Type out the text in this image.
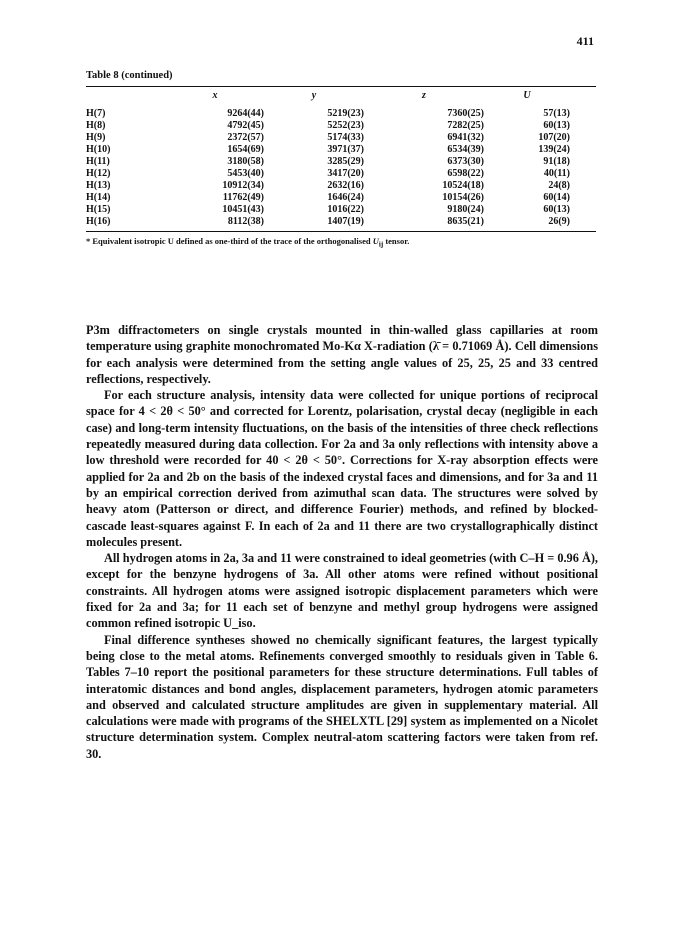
411
Table 8 (continued)
	x	y	z	U
H(7)	9264(44)	5219(23)	7360(25)	57(13)
H(8)	4792(45)	5252(23)	7282(25)	60(13)
H(9)	2372(57)	5174(33)	6941(32)	107(20)
H(10)	1654(69)	3971(37)	6534(39)	139(24)
H(11)	3180(58)	3285(29)	6373(30)	91(18)
H(12)	5453(40)	3417(20)	6598(22)	40(11)
H(13)	10912(34)	2632(16)	10524(18)	24(8)
H(14)	11762(49)	1646(24)	10154(26)	60(14)
H(15)	10451(43)	1016(22)	9180(24)	60(13)
H(16)	8112(38)	1407(19)	8635(21)	26(9)
* Equivalent isotropic U defined as one-third of the trace of the orthogonalised $U_{ij}$ tensor.

P3m diffractometers on single crystals mounted in thin-walled glass capillaries at room temperature using graphite monochromated Mo-Kα X-radiation (λ̄ = 0.71069 Å). Cell dimensions for each analysis were determined from the setting angle values of 25, 25, 25 and 33 centred reflections, respectively.

For each structure analysis, intensity data were collected for unique portions of reciprocal space for 4 < 2θ < 50° and corrected for Lorentz, polarisation, crystal decay (negligible in each case) and long-term intensity fluctuations, on the basis of the intensities of three check reflections repeatedly measured during data collection. For 2a and 3a only reflections with intensity above a low threshold were recorded for 40 < 2θ < 50°. Corrections for X-ray absorption effects were applied for 2a and 2b on the basis of the indexed crystal faces and dimensions, and for 3a and 11 by an empirical correction derived from azimuthal scan data. The structures were solved by heavy atom (Patterson or direct, and difference Fourier) methods, and refined by blocked-cascade least-squares against F. In each of 2a and 11 there are two crystallographically distinct molecules present.

All hydrogen atoms in 2a, 3a and 11 were constrained to ideal geometries (with C–H = 0.96 Å), except for the benzyne hydrogens of 3a. All other atoms were refined without positional constraints. All hydrogen atoms were assigned isotropic displacement parameters which were fixed for 2a and 3a; for 11 each set of benzyne and methyl group hydrogens were assigned common refined isotropic U_iso.

Final difference syntheses showed no chemically significant features, the largest typically being close to the metal atoms. Refinements converged smoothly to residuals given in Table 6. Tables 7–10 report the positional parameters for these structure determinations. Full tables of interatomic distances and bond angles, displacement parameters, hydrogen atomic parameters and observed and calculated structure amplitudes are given in supplementary material. All calculations were made with programs of the SHELXTL [29] system as implemented on a Nicolet structure determination system. Complex neutral-atom scattering factors were taken from ref. 30.
